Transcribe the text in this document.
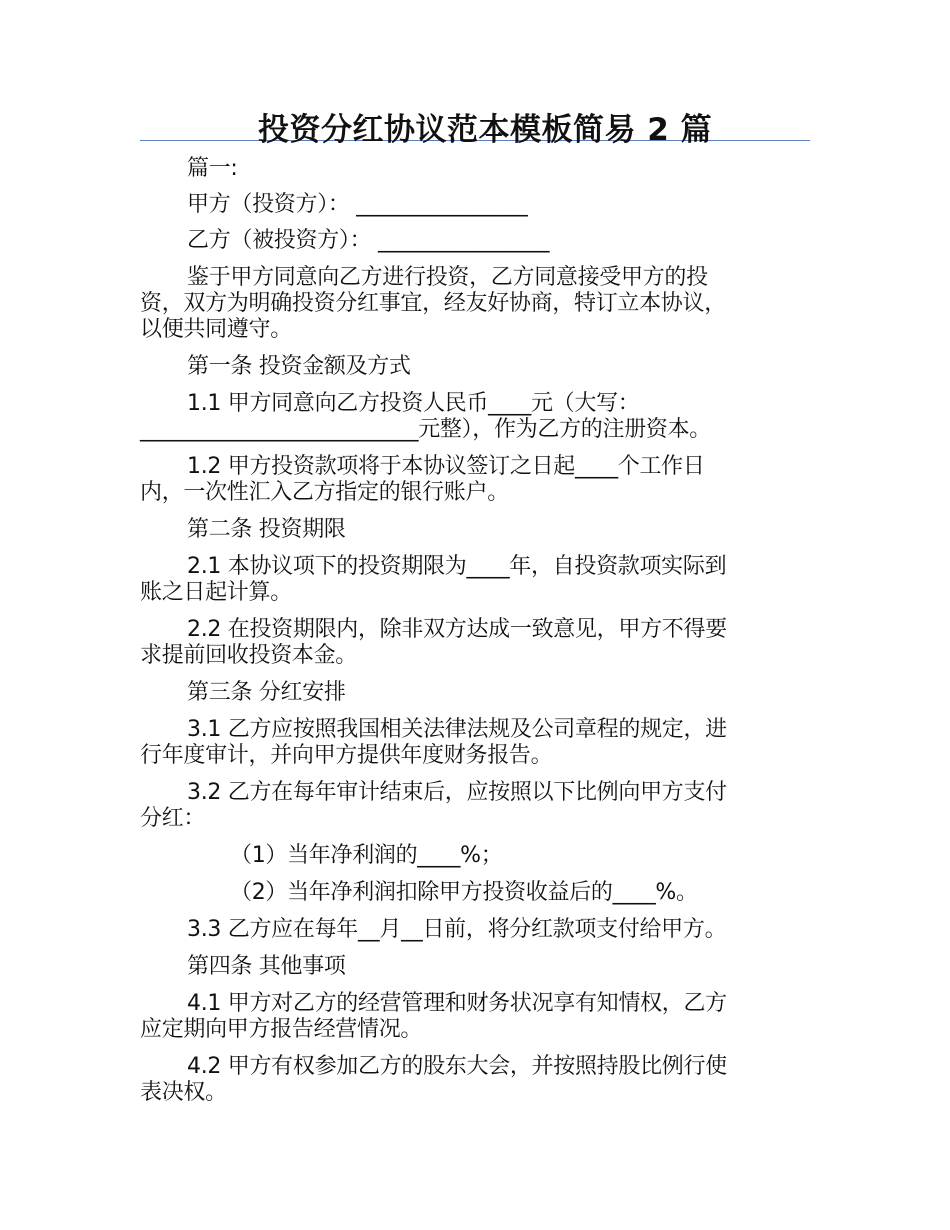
投资分红协议范本模板简易 2 篇

篇一:

甲方（投资方）： ________________

乙方（被投资方）： ________________

鉴于甲方同意向乙方进行投资，乙方同意接受甲方的投

资，双方为明确投资分红事宜，经友好协商，特订立本协议，

以便共同遵守。

第一条 投资金额及方式

1.1 甲方同意向乙方投资人民币____元（大写：

__________________________元整），作为乙方的注册资本。

1.2 甲方投资款项将于本协议签订之日起____个工作日

内，一次性汇入乙方指定的银行账户。

第二条 投资期限

2.1 本协议项下的投资期限为____年，自投资款项实际到

账之日起计算。

2.2 在投资期限内，除非双方达成一致意见，甲方不得要

求提前回收投资本金。

第三条 分红安排

3.1 乙方应按照我国相关法律法规及公司章程的规定，进

行年度审计，并向甲方提供年度财务报告。

3.2 乙方在每年审计结束后，应按照以下比例向甲方支付

分红：

（1）当年净利润的____%；

（2）当年净利润扣除甲方投资收益后的____%。

3.3 乙方应在每年__月__日前，将分红款项支付给甲方。

第四条 其他事项

4.1 甲方对乙方的经营管理和财务状况享有知情权，乙方

应定期向甲方报告经营情况。

4.2 甲方有权参加乙方的股东大会，并按照持股比例行使

表决权。
